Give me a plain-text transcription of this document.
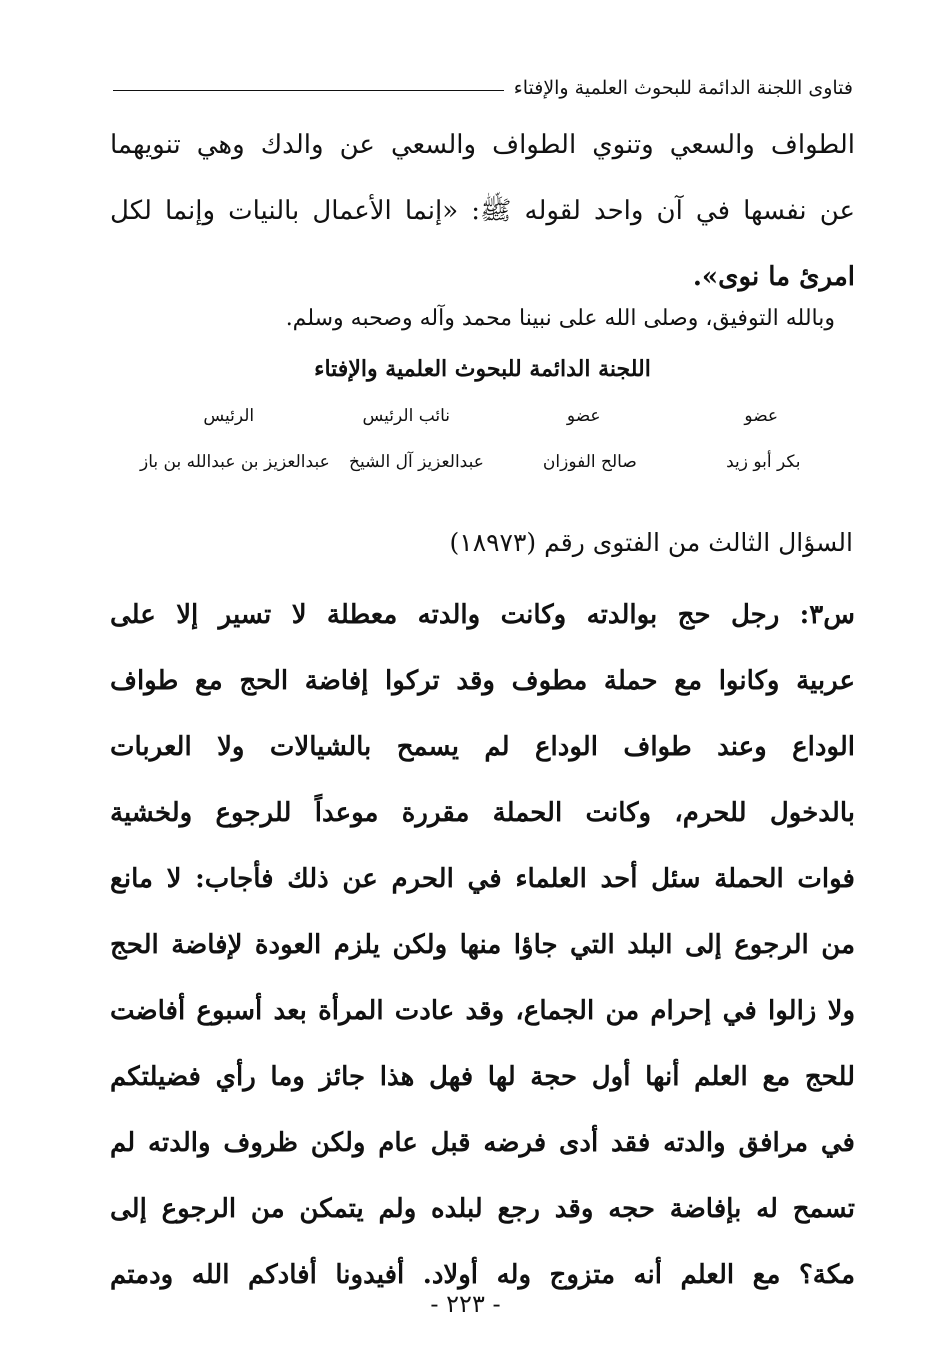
فتاوى اللجنة الدائمة للبحوث العلمية والإفتاء
الطواف والسعي وتنوي الطواف والسعي عن والدك وهي تنويهما
عن نفسها في آن واحد لقوله ﷺ: «إنما الأعمال بالنيات وإنما لكل
امرئ ما نوى».
وبالله التوفيق، وصلى الله على نبينا محمد وآله وصحبه وسلم.
اللجنة الدائمة للبحوث العلمية والإفتاء
عضو
عضو
نائب الرئيس
الرئيس
بكر أبو زيد
صالح الفوزان
عبدالعزيز آل الشيخ
عبدالعزيز بن عبدالله بن باز
السؤال الثالث من الفتوى رقم (١٨٩٧٣)
س٣: رجل حج بوالدته وكانت والدته معطلة لا تسير إلا على
عربية وكانوا مع حملة مطوف وقد تركوا إفاضة الحج مع طواف
الوداع وعند طواف الوداع لم يسمح بالشيالات ولا العربات
بالدخول للحرم، وكانت الحملة مقررة موعداً للرجوع ولخشية
فوات الحملة سئل أحد العلماء في الحرم عن ذلك فأجاب: لا مانع
من الرجوع إلى البلد التي جاؤا منها ولكن يلزم العودة لإفاضة الحج
ولا زالوا في إحرام من الجماع، وقد عادت المرأة بعد أسبوع أفاضت
للحج مع العلم أنها أول حجة لها فهل هذا جائز وما رأي فضيلتكم
في مرافق والدته فقد أدى فرضه قبل عام ولكن ظروف والدته لم
تسمح له بإفاضة حجه وقد رجع لبلده ولم يتمكن من الرجوع إلى
مكة؟ مع العلم أنه متزوج وله أولاد. أفيدونا أفادكم الله ودمتم
- ٢٢٣ -
